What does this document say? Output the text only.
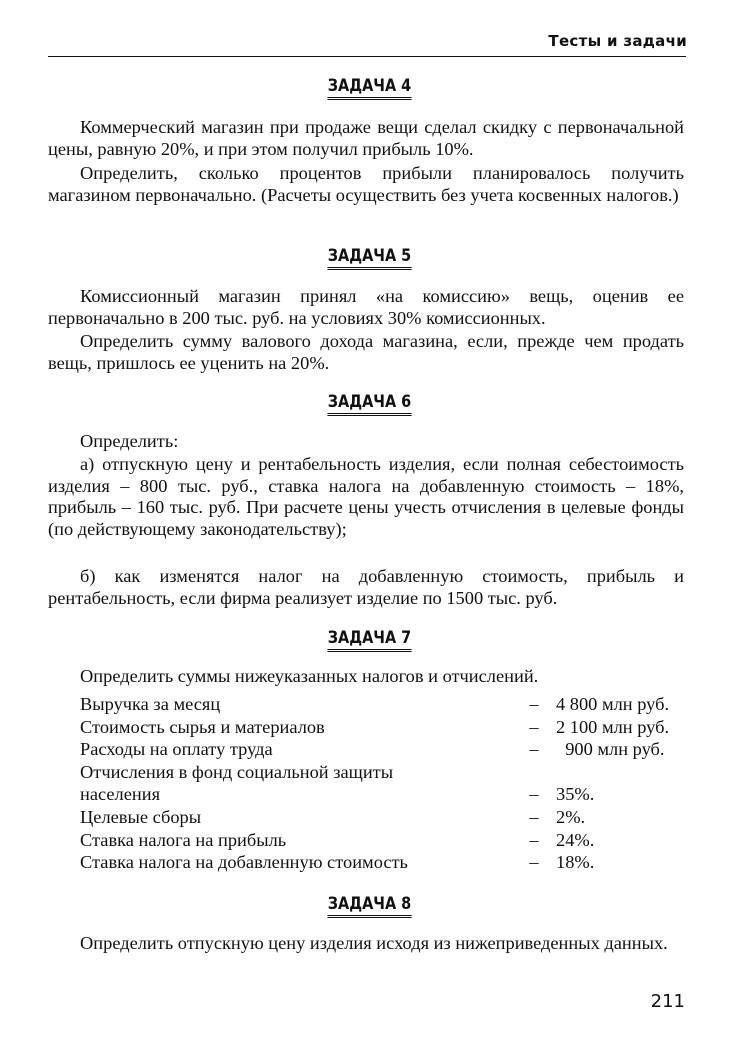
Тесты и задачи
ЗАДАЧА 4

Коммерческий магазин при продаже вещи сделал скидку с первоначальной цены, равную 20%, и при этом получил прибыль 10%.

Определить, сколько процентов прибыли планировалось получить магазином первоначально. (Расчеты осуществить без учета косвенных налогов.)

ЗАДАЧА 5

Комиссионный магазин принял «на комиссию» вещь, оценив ее первоначально в 200 тыс. руб. на условиях 30% комиссионных.

Определить сумму валового дохода магазина, если, прежде чем продать вещь, пришлось ее уценить на 20%.

ЗАДАЧА 6

Определить:

а) отпускную цену и рентабельность изделия, если полная себестоимость изделия – 800 тыс. руб., ставка налога на добавленную стоимость – 18%, прибыль – 160 тыс. руб. При расчете цены учесть отчисления в целевые фонды (по действующему законодательству);

б) как изменятся налог на добавленную стоимость, прибыль и рентабельность, если фирма реализует изделие по 1500 тыс. руб.

ЗАДАЧА 7

Определить суммы нижеуказанных налогов и отчислений.

Выручка за месяц	– 4 800 млн руб.
Стоимость сырья и материалов	– 2 100 млн руб.
Расходы на оплату труда	– 900 млн руб.
Отчисления в фонд социальной защиты
населения	– 35%.
Целевые сборы	– 2%.
Ставка налога на прибыль	– 24%.
Ставка налога на добавленную стоимость	– 18%.
ЗАДАЧА 8

Определить отпускную цену изделия исходя из нижеприведенных данных.

211
